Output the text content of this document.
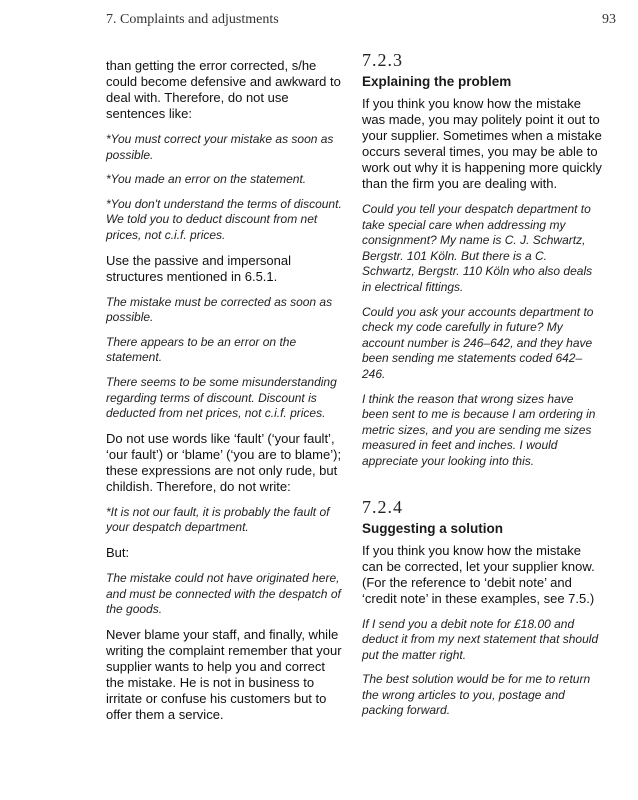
7. Complaints and adjustments	93

than getting the error corrected, s/he could become defensive and awkward to deal with. Therefore, do not use sentences like:

*You must correct your mistake as soon as possible.

*You made an error on the statement.

*You don't understand the terms of discount. We told you to deduct discount from net prices, not c.i.f. prices.

Use the passive and impersonal structures mentioned in 6.5.1.

The mistake must be corrected as soon as possible.

There appears to be an error on the statement.

There seems to be some misunderstanding regarding terms of discount. Discount is deducted from net prices, not c.i.f. prices.

Do not use words like ‘fault’ (‘your fault’, ‘our fault’) or ‘blame’ (‘you are to blame’); these expressions are not only rude, but childish. Therefore, do not write:

*It is not our fault, it is probably the fault of your despatch department.

But:

The mistake could not have originated here, and must be connected with the despatch of the goods.

Never blame your staff, and finally, while writing the complaint remember that your supplier wants to help you and correct the mistake. He is not in business to irritate or confuse his customers but to offer them a service.

7.2.3
Explaining the problem

If you think you know how the mistake was made, you may politely point it out to your supplier. Sometimes when a mistake occurs several times, you may be able to work out why it is happening more quickly than the firm you are dealing with.

Could you tell your despatch department to take special care when addressing my consignment? My name is C. J. Schwartz, Bergstr. 101 Köln. But there is a C. Schwartz, Bergstr. 110 Köln who also deals in electrical fittings.

Could you ask your accounts department to check my code carefully in future? My account number is 246–642, and they have been sending me statements coded 642–246.

I think the reason that wrong sizes have been sent to me is because I am ordering in metric sizes, and you are sending me sizes measured in feet and inches. I would appreciate your looking into this.

7.2.4
Suggesting a solution

If you think you know how the mistake can be corrected, let your supplier know. (For the reference to ‘debit note’ and ‘credit note’ in these examples, see 7.5.)

If I send you a debit note for £18.00 and deduct it from my next statement that should put the matter right.

The best solution would be for me to return the wrong articles to you, postage and packing forward.
